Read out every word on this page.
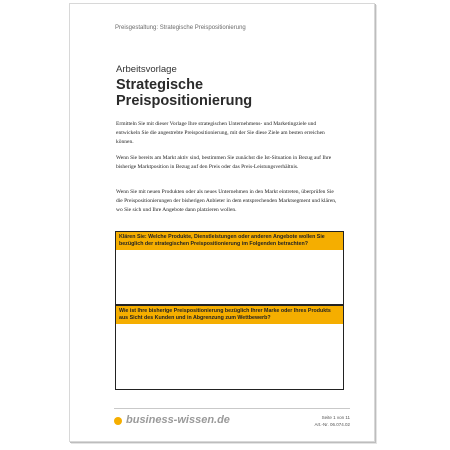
Preisgestaltung: Strategische Preispositionierung
Arbeitsvorlage
Strategische
Preispositionierung

Ermitteln Sie mit dieser Vorlage Ihre strategischen Unternehmens- und Marketingziele und entwickeln Sie die angestrebte Preispositionierung, mit der Sie diese Ziele am besten erreichen können.

Wenn Sie bereits am Markt aktiv sind, bestimmen Sie zunächst die Ist-Situation in Bezug auf Ihre bisherige Marktposition in Bezug auf den Preis oder das Preis-Leistungsverhältnis.

Wenn Sie mit neuen Produkten oder als neues Unternehmen in den Markt eintreten, überprüfen Sie die Preispositionierungen der bisherigen Anbieter in dem entsprechenden Marktsegment und klären, wo Sie sich und Ihre Angebote dann platzieren wollen.

Klären Sie: Welche Produkte, Dienstleistungen oder anderen Angebote wollen Sie bezüglich der strategischen Preispositionierung im Folgenden betrachten?
Wie ist Ihre bisherige Preispositionierung bezüglich Ihrer Marke oder Ihres Produkts aus Sicht des Kunden und in Abgrenzung zum Wettbewerb?
business-wissen.de	Seite 1 von 11
Art.-Nr. 06.074.02
